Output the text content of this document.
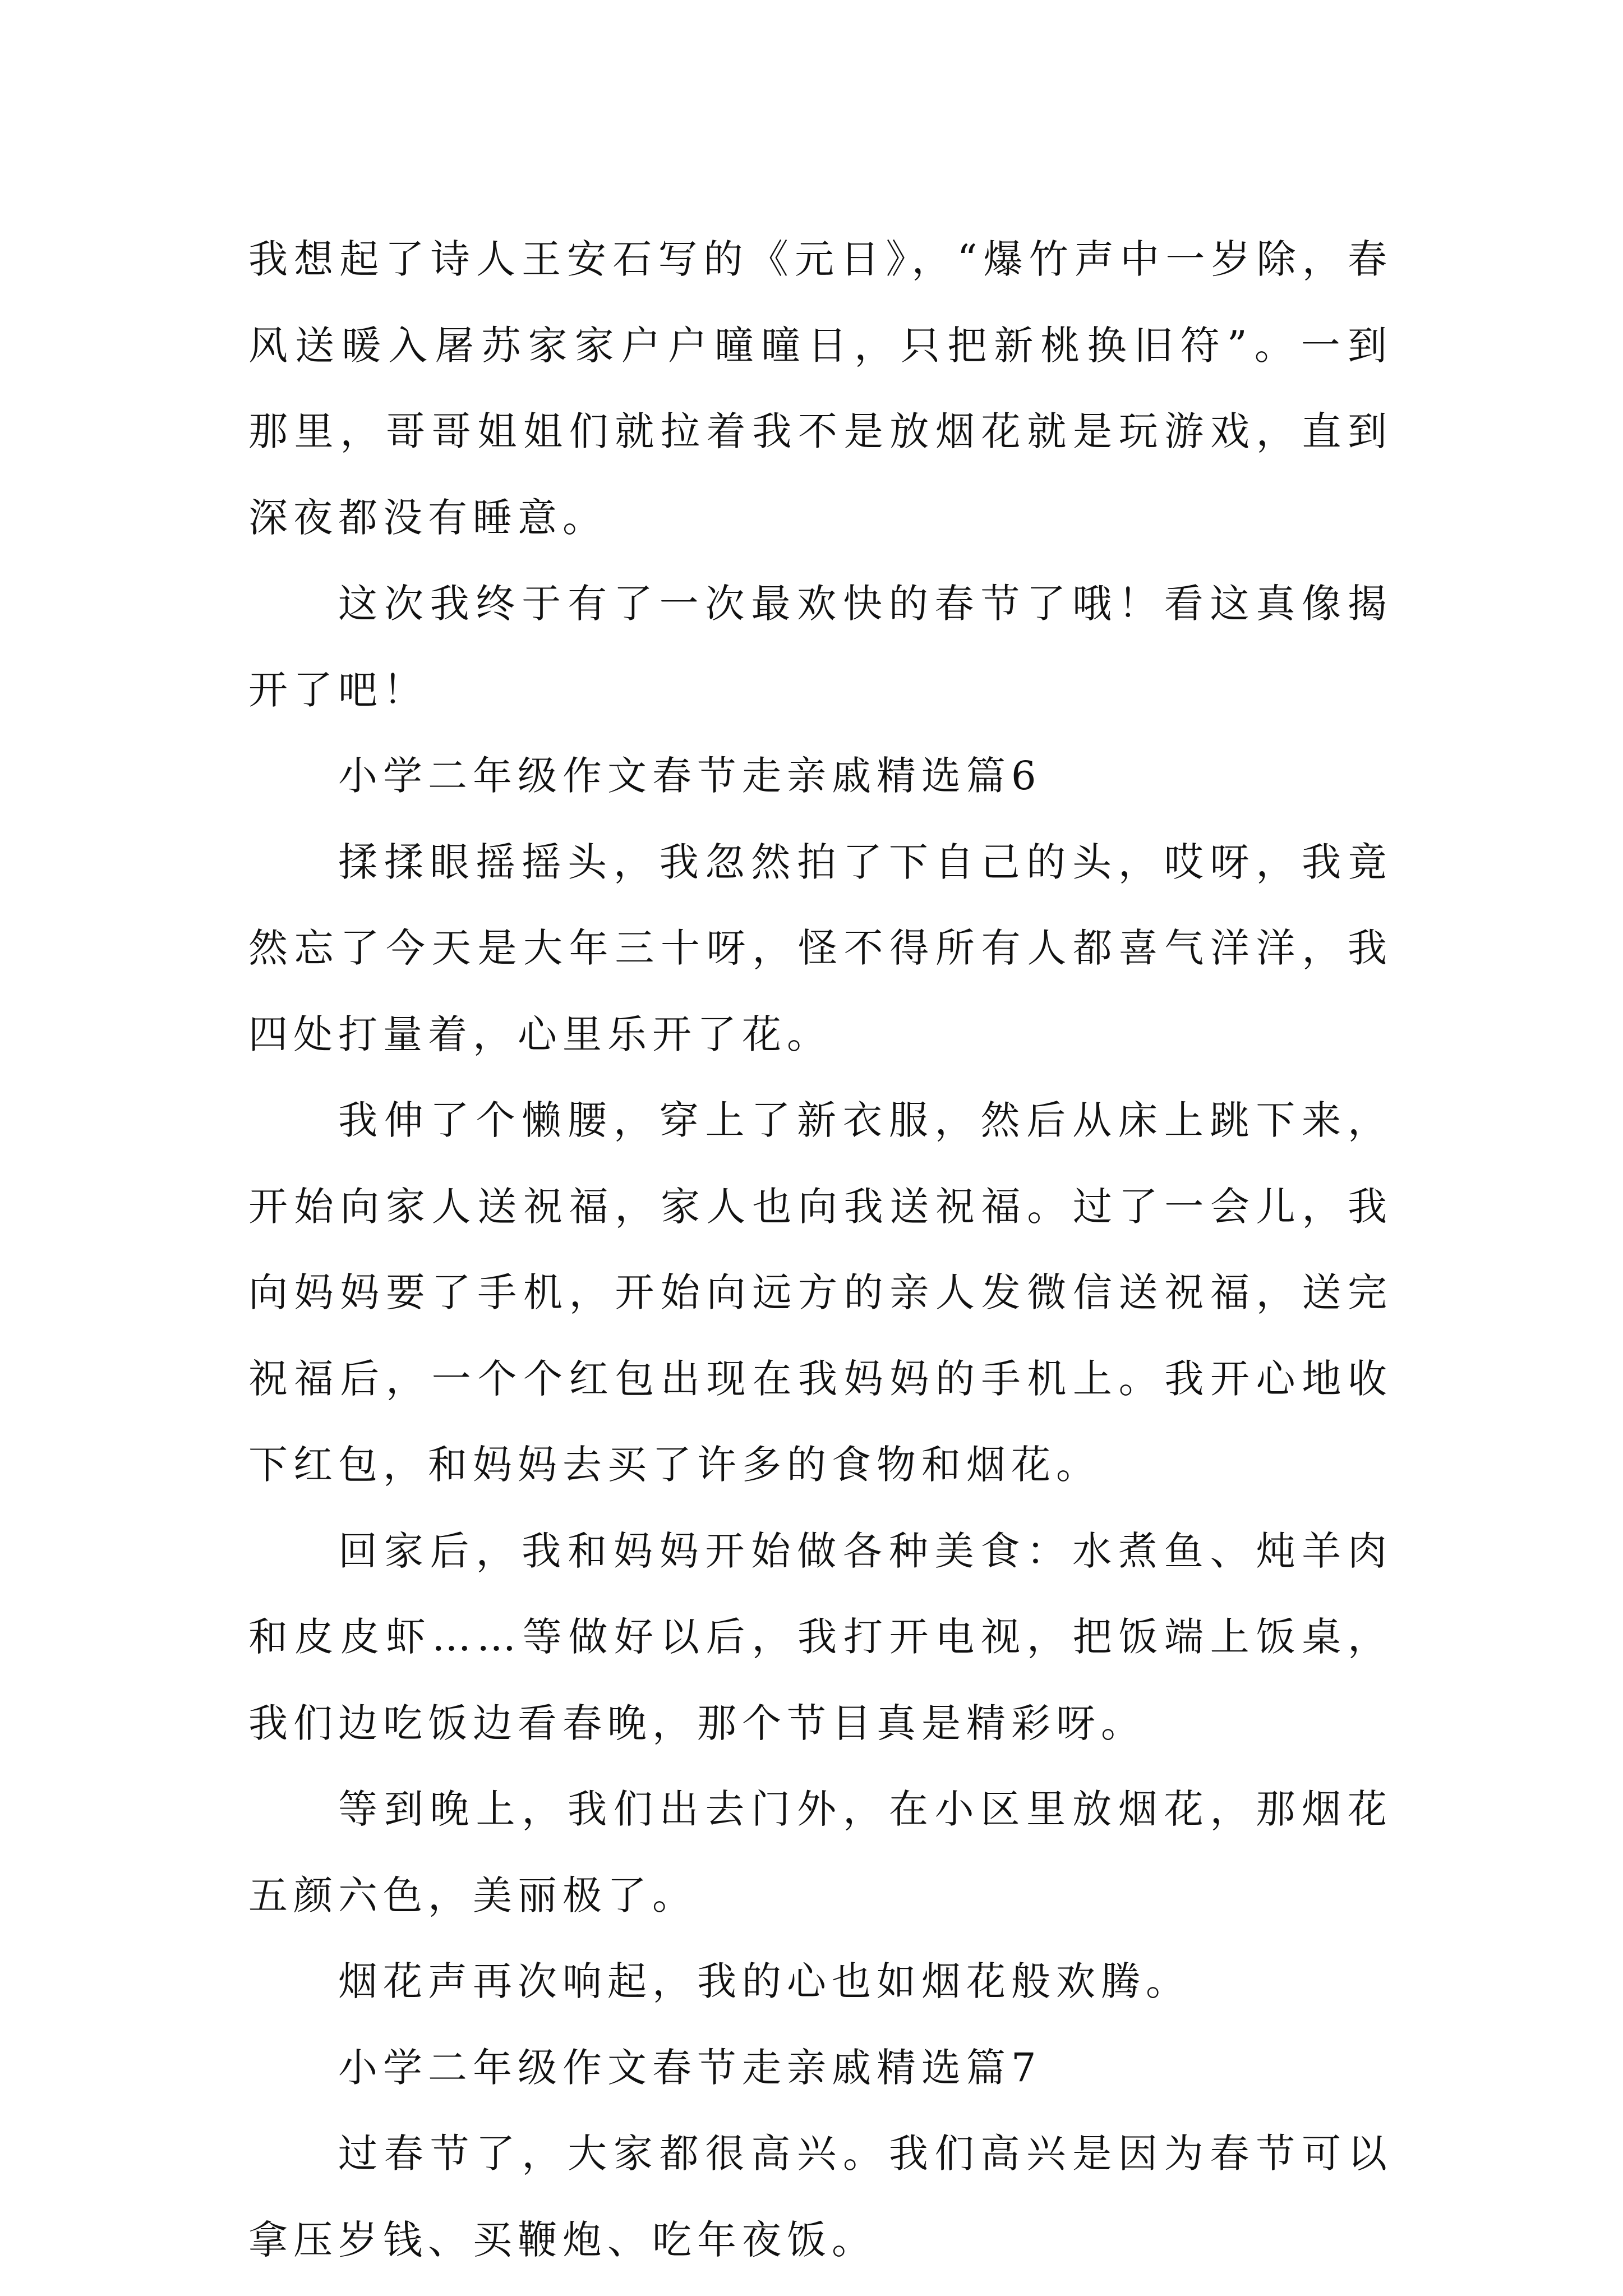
我想起了诗人王安石写的《元日》，“爆竹声中一岁除，春风送暖入屠苏家家户户曈曈日，只把新桃换旧符”。一到那里，哥哥姐姐们就拉着我不是放烟花就是玩游戏，直到深夜都没有睡意。

这次我终于有了一次最欢快的春节了哦！看这真像揭开了吧！

小学二年级作文春节走亲戚精选篇6

揉揉眼摇摇头，我忽然拍了下自己的头，哎呀，我竟然忘了今天是大年三十呀，怪不得所有人都喜气洋洋，我四处打量着，心里乐开了花。

我伸了个懒腰，穿上了新衣服，然后从床上跳下来，开始向家人送祝福，家人也向我送祝福。过了一会儿，我向妈妈要了手机，开始向远方的亲人发微信送祝福，送完祝福后，一个个红包出现在我妈妈的手机上。我开心地收下红包，和妈妈去买了许多的食物和烟花。

回家后，我和妈妈开始做各种美食：水煮鱼、炖羊肉和皮皮虾……等做好以后，我打开电视，把饭端上饭桌，我们边吃饭边看春晚，那个节目真是精彩呀。

等到晚上，我们出去门外，在小区里放烟花，那烟花五颜六色，美丽极了。

烟花声再次响起，我的心也如烟花般欢腾。

小学二年级作文春节走亲戚精选篇7

过春节了，大家都很高兴。我们高兴是因为春节可以拿压岁钱、买鞭炮、吃年夜饭。
